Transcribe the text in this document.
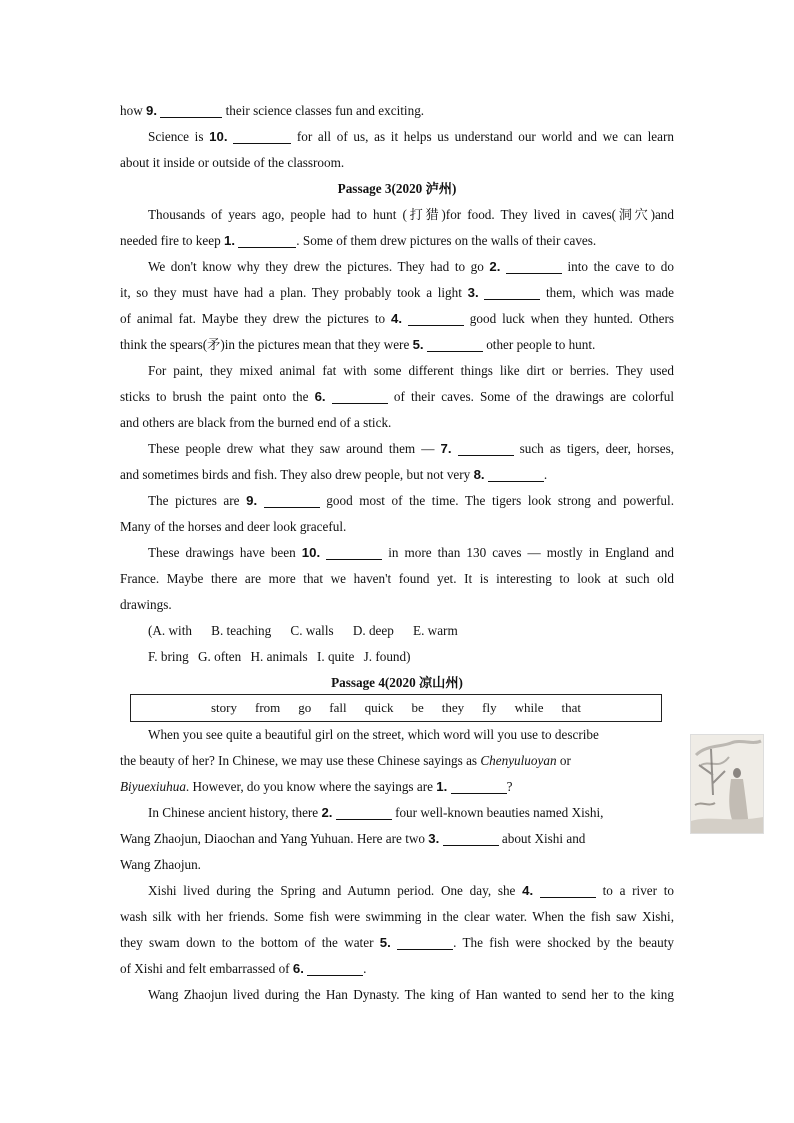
how 9.	their science classes fun and exciting.
Science is 10.	for all of us, as it helps us understand our world and we can learn
about it inside or outside of the classroom.
Passage 3(2020 泸州)
Thousands of years ago, people had to hunt (打猎)for food. They lived in caves(洞穴)and
needed fire to keep 1.	. Some of them drew pictures on the walls of their caves.
We don't know why they drew the pictures. They had to go 2.	into the cave to do
it, so they must have had a plan. They probably took a light 3.	them, which was made
of animal fat. Maybe they drew the pictures to 4.	good luck when they hunted. Others
think the spears(矛)in the pictures mean that they were 5.	other people to hunt.
For paint, they mixed animal fat with some different things like dirt or berries. They used
sticks to brush the paint onto the 6.	of their caves. Some of the drawings are colorful
and others are black from the burned end of a stick.
These people drew what they saw around them — 7.	such as tigers, deer, horses,
and sometimes birds and fish. They also drew people, but not very 8.	.
The pictures are 9.	good most of the time. The tigers look strong and powerful.
Many of the horses and deer look graceful.
These drawings have been 10.	in more than 130 caves — mostly in England and
France. Maybe there are more that we haven't found yet. It is interesting to look at such old
drawings.
(A. with B. teaching C. walls D. deep E. warm
F. bring G. often H. animals I. quite J. found)
Passage 4(2020 凉山州)
When you see quite a beautiful girl on the street, which word will you use to describe
the beauty of her? In Chinese, we may use these Chinese sayings as Chenyuluoyan or
Biyuexiuhua. However, do you know where the sayings are 1.	?
In Chinese ancient history, there 2.	four well-known beauties named Xishi,
Wang Zhaojun, Diaochan and Yang Yuhuan. Here are two 3.	about Xishi and
Wang Zhaojun.
Xishi lived during the Spring and Autumn period. One day, she 4.	to a river to
wash silk with her friends. Some fish were swimming in the clear water. When the fish saw Xishi,
they swam down to the bottom of the water 5.	. The fish were shocked by the beauty
of Xishi and felt embarrassed of 6.	.
Wang Zhaojun lived during the Han Dynasty. The king of Han wanted to send her to the king
story from go fall quick be they fly while that
